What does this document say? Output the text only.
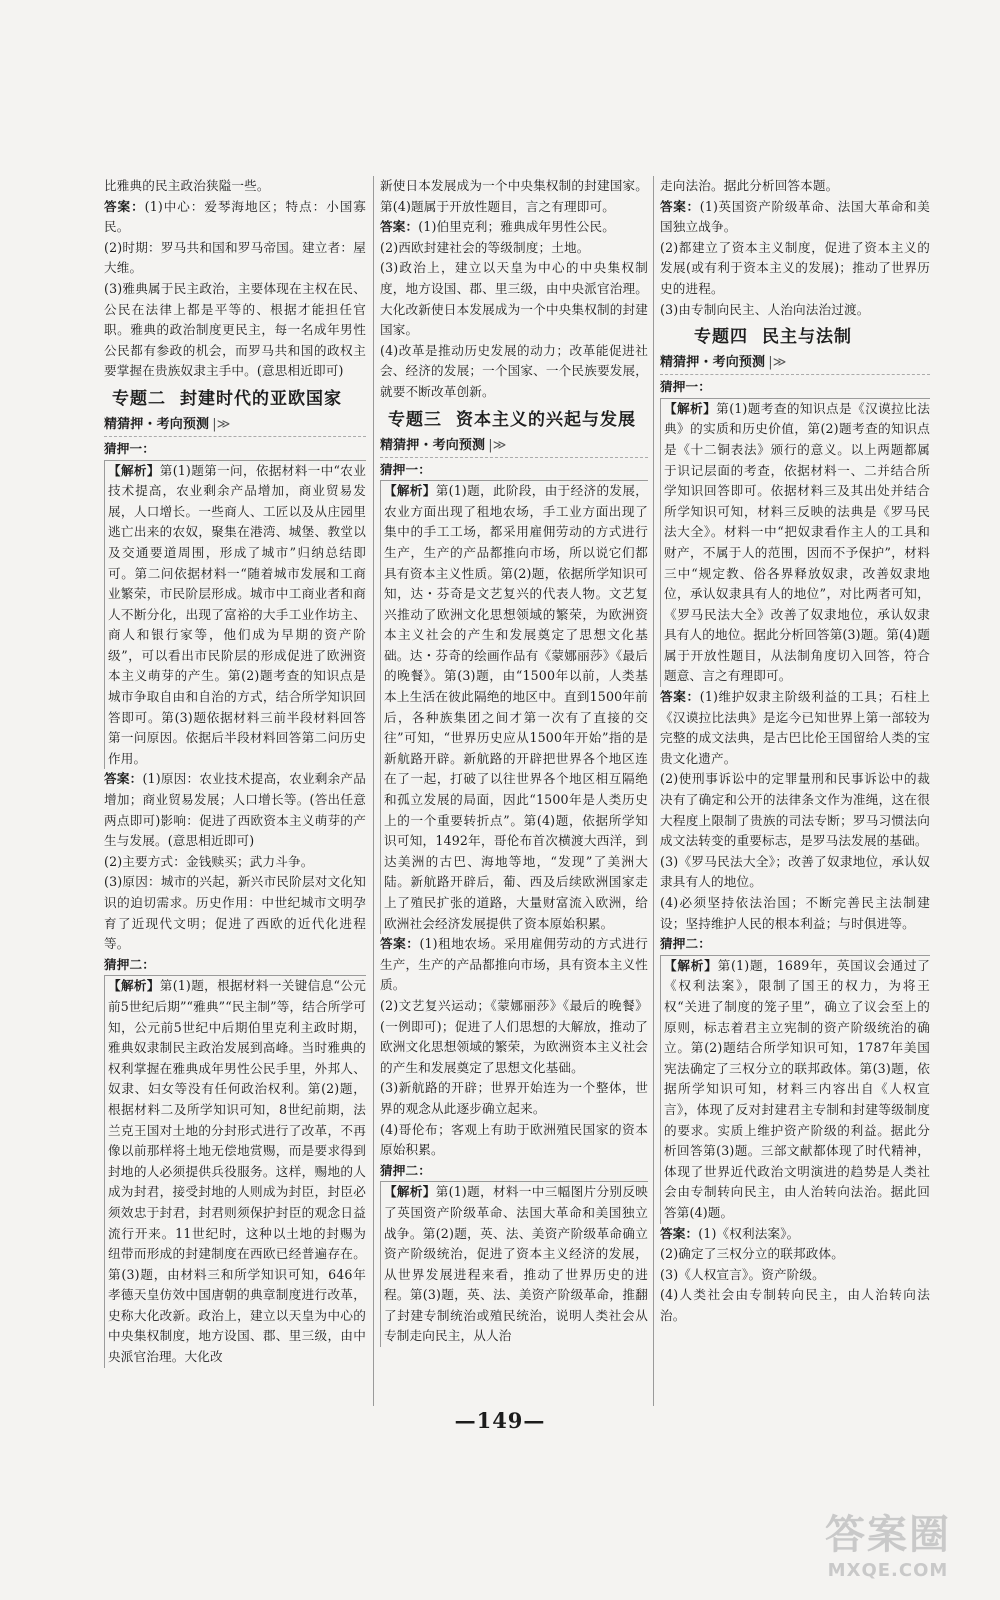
比雅典的民主政治狭隘一些。

答案：(1)中心：爱琴海地区；特点：小国寡民。

(2)时期：罗马共和国和罗马帝国。建立者：屋大维。

(3)雅典属于民主政治，主要体现在主权在民、公民在法律上都是平等的、根据才能担任官职。雅典的政治制度更民主，每一名成年男性公民都有参政的机会，而罗马共和国的政权主要掌握在贵族奴隶主手中。(意思相近即可)

专题二 封建时代的亚欧国家
精猜押・考向预测 |≫
猜押一：

【解析】第(1)题第一问，依据材料一中“农业技术提高，农业剩余产品增加，商业贸易发展，人口增长。一些商人、工匠以及从庄园里逃亡出来的农奴，聚集在港湾、城堡、教堂以及交通要道周围，形成了城市”归纳总结即可。第二问依据材料一“随着城市发展和工商业繁荣，市民阶层形成。城市中工商业者和商人不断分化，出现了富裕的大手工业作坊主、商人和银行家等，他们成为早期的资产阶级”，可以看出市民阶层的形成促进了欧洲资本主义萌芽的产生。第(2)题考查的知识点是城市争取自由和自治的方式，结合所学知识回答即可。第(3)题依据材料三前半段材料回答第一问原因。依据后半段材料回答第二问历史作用。

答案：(1)原因：农业技术提高，农业剩余产品增加；商业贸易发展；人口增长等。(答出任意两点即可)影响：促进了西欧资本主义萌芽的产生与发展。(意思相近即可)

(2)主要方式：金钱赎买；武力斗争。

(3)原因：城市的兴起，新兴市民阶层对文化知识的迫切需求。历史作用：中世纪城市文明孕育了近现代文明；促进了西欧的近代化进程等。

猜押二：

【解析】第(1)题，根据材料一关键信息“公元前5世纪后期”“雅典”“民主制”等，结合所学可知，公元前5世纪中后期伯里克利主政时期，雅典奴隶制民主政治发展到高峰。当时雅典的权利掌握在雅典成年男性公民手里，外邦人、奴隶、妇女等没有任何政治权利。第(2)题，根据材料二及所学知识可知，8世纪前期，法兰克王国对土地的分封形式进行了改革，不再像以前那样将土地无偿地赏赐，而是要求得到封地的人必须提供兵役服务。这样，赐地的人成为封君，接受封地的人则成为封臣，封臣必须效忠于封君，封君则须保护封臣的观念日益流行开来。11世纪时，这种以土地的封赐为纽带而形成的封建制度在西欧已经普遍存在。第(3)题，由材料三和所学知识可知，646年孝德天皇仿效中国唐朝的典章制度进行改革，史称大化改新。政治上，建立以天皇为中心的中央集权制度，地方设国、郡、里三级，由中央派官治理。大化改

新使日本发展成为一个中央集权制的封建国家。第(4)题属于开放性题目，言之有理即可。

答案：(1)伯里克利；雅典成年男性公民。

(2)西欧封建社会的等级制度；土地。

(3)政治上，建立以天皇为中心的中央集权制度，地方设国、郡、里三级，由中央派官治理。大化改新使日本发展成为一个中央集权制的封建国家。

(4)改革是推动历史发展的动力；改革能促进社会、经济的发展；一个国家、一个民族要发展，就要不断改革创新。

专题三 资本主义的兴起与发展
精猜押・考向预测 |≫
猜押一：

【解析】第(1)题，此阶段，由于经济的发展，农业方面出现了租地农场，手工业方面出现了集中的手工工场，都采用雇佣劳动的方式进行生产，生产的产品都推向市场，所以说它们都具有资本主义性质。第(2)题，依据所学知识可知，达・芬奇是文艺复兴的代表人物。文艺复兴推动了欧洲文化思想领域的繁荣，为欧洲资本主义社会的产生和发展奠定了思想文化基础。达・芬奇的绘画作品有《蒙娜丽莎》《最后的晚餐》。第(3)题，由“1500年以前，人类基本上生活在彼此隔绝的地区中。直到1500年前后，各种族集团之间才第一次有了直接的交往”可知，“世界历史应从1500年开始”指的是新航路开辟。新航路的开辟把世界各个地区连在了一起，打破了以往世界各个地区相互隔绝和孤立发展的局面，因此“1500年是人类历史上的一个重要转折点”。第(4)题，依据所学知识可知，1492年，哥伦布首次横渡大西洋，到达美洲的古巴、海地等地，“发现”了美洲大陆。新航路开辟后，葡、西及后续欧洲国家走上了殖民扩张的道路，大量财富流入欧洲，给欧洲社会经济发展提供了资本原始积累。

答案：(1)租地农场。采用雇佣劳动的方式进行生产，生产的产品都推向市场，具有资本主义性质。

(2)文艺复兴运动；《蒙娜丽莎》《最后的晚餐》(一例即可)；促进了人们思想的大解放，推动了欧洲文化思想领域的繁荣，为欧洲资本主义社会的产生和发展奠定了思想文化基础。

(3)新航路的开辟；世界开始连为一个整体，世界的观念从此逐步确立起来。

(4)哥伦布；客观上有助于欧洲殖民国家的资本原始积累。

猜押二：

【解析】第(1)题，材料一中三幅图片分别反映了英国资产阶级革命、法国大革命和美国独立战争。第(2)题，英、法、美资产阶级革命确立资产阶级统治，促进了资本主义经济的发展，从世界发展进程来看，推动了世界历史的进程。第(3)题，英、法、美资产阶级革命，推翻了封建专制统治或殖民统治，说明人类社会从专制走向民主，从人治

走向法治。据此分析回答本题。

答案：(1)英国资产阶级革命、法国大革命和美国独立战争。

(2)都建立了资本主义制度，促进了资本主义的发展(或有利于资本主义的发展)；推动了世界历史的进程。

(3)由专制向民主、人治向法治过渡。

专题四 民主与法制
精猜押・考向预测 |≫
猜押一：

【解析】第(1)题考查的知识点是《汉谟拉比法典》的实质和历史价值，第(2)题考查的知识点是《十二铜表法》颁行的意义。以上两题都属于识记层面的考查，依据材料一、二并结合所学知识回答即可。依据材料三及其出处并结合所学知识可知，材料三反映的法典是《罗马民法大全》。材料一中“把奴隶看作主人的工具和财产，不属于人的范围，因而不予保护”，材料三中“规定教、俗各界释放奴隶，改善奴隶地位，承认奴隶具有人的地位”，对比两者可知，《罗马民法大全》改善了奴隶地位，承认奴隶具有人的地位。据此分析回答第(3)题。第(4)题属于开放性题目，从法制角度切入回答，符合题意、言之有理即可。

答案：(1)维护奴隶主阶级利益的工具；石柱上《汉谟拉比法典》是迄今已知世界上第一部较为完整的成文法典，是古巴比伦王国留给人类的宝贵文化遗产。

(2)使刑事诉讼中的定罪量刑和民事诉讼中的裁决有了确定和公开的法律条文作为准绳，这在很大程度上限制了贵族的司法专断；罗马习惯法向成文法转变的重要标志，是罗马法发展的基础。

(3)《罗马民法大全》；改善了奴隶地位，承认奴隶具有人的地位。

(4)必须坚持依法治国；不断完善民主法制建设；坚持维护人民的根本利益；与时俱进等。

猜押二：

【解析】第(1)题，1689年，英国议会通过了《权利法案》，限制了国王的权力，为将王权“关进了制度的笼子里”，确立了议会至上的原则，标志着君主立宪制的资产阶级统治的确立。第(2)题结合所学知识可知，1787年美国宪法确定了三权分立的联邦政体。第(3)题，依据所学知识可知，材料三内容出自《人权宣言》，体现了反对封建君主专制和封建等级制度的要求。实质上维护资产阶级的利益。据此分析回答第(3)题。三部文献都体现了时代精神，体现了世界近代政治文明演进的趋势是人类社会由专制转向民主，由人治转向法治。据此回答第(4)题。

答案：(1)《权利法案》。

(2)确定了三权分立的联邦政体。

(3)《人权宣言》。资产阶级。

(4)人类社会由专制转向民主，由人治转向法治。

—149—
答案圈
MXQE.COM
